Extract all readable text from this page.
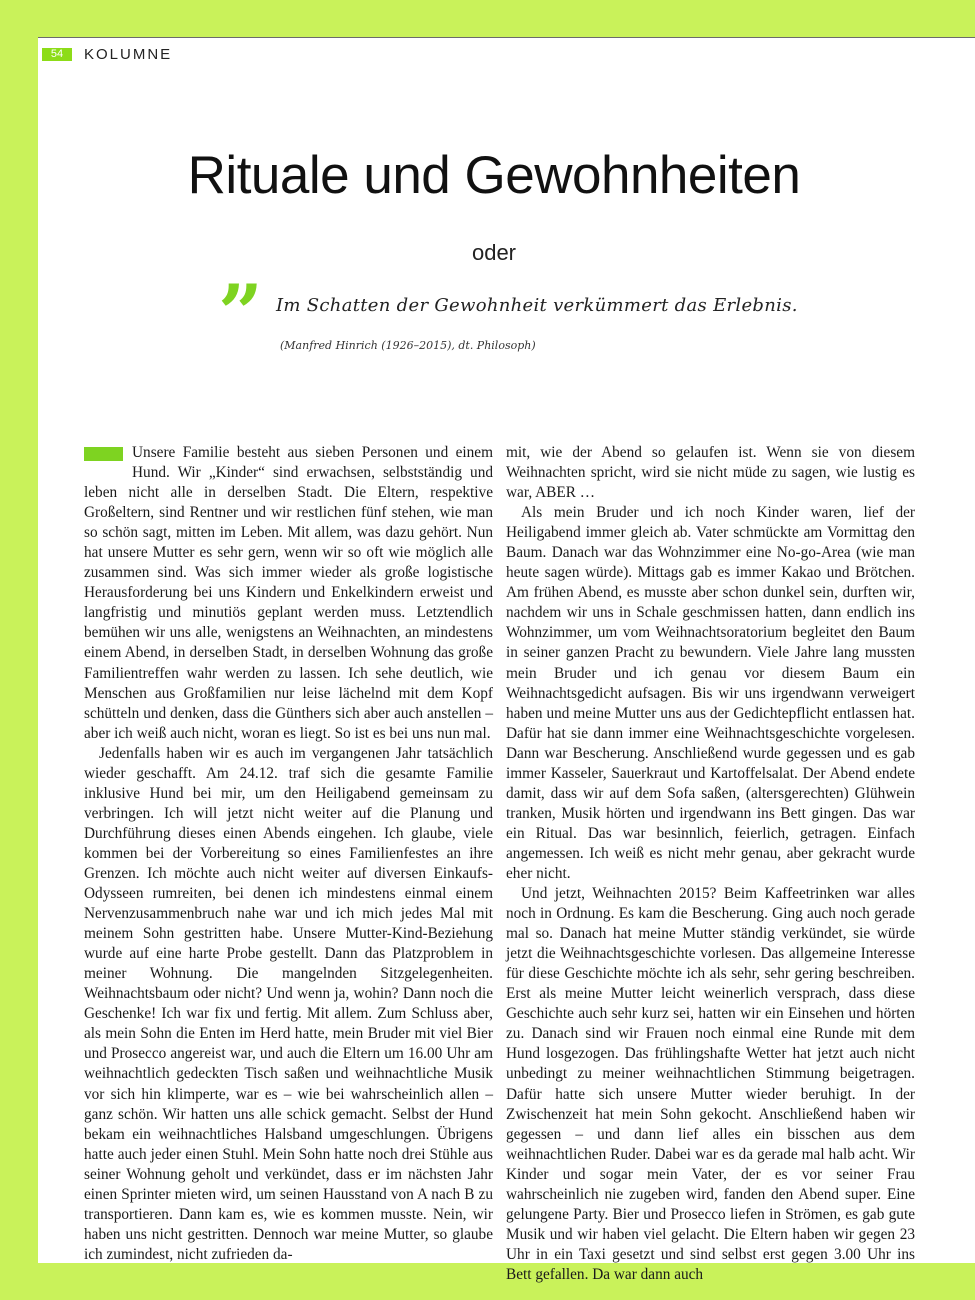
54	KOLUMNE
Rituale und Gewohnheiten
oder
” Im Schatten der Gewohnheit verkümmert das Erlebnis.
(Manfred Hinrich (1926–2015), dt. Philosoph)

Unsere Familie besteht aus sieben Personen und einem Hund. Wir „Kinder“ sind erwachsen, selbstständig und leben nicht alle in derselben Stadt. Die Eltern, respektive Großeltern, sind Rentner und wir restlichen fünf stehen, wie man so schön sagt, mitten im Leben. Mit allem, was dazu gehört. Nun hat unsere Mutter es sehr gern, wenn wir so oft wie möglich alle zusammen sind. Was sich immer wieder als große logistische Herausforderung bei uns Kindern und Enkelkindern erweist und langfristig und minutiös geplant werden muss. Letztendlich bemühen wir uns alle, wenigstens an Weihnachten, an mindestens einem Abend, in derselben Stadt, in derselben Wohnung das große Familientreffen wahr werden zu lassen. Ich sehe deutlich, wie Menschen aus Großfamilien nur leise lächelnd mit dem Kopf schütteln und denken, dass die Günthers sich aber auch anstellen – aber ich weiß auch nicht, woran es liegt. So ist es bei uns nun mal.

Jedenfalls haben wir es auch im vergangenen Jahr tatsächlich wieder geschafft. Am 24.12. traf sich die gesamte Familie inklusive Hund bei mir, um den Heiligabend gemeinsam zu verbringen. Ich will jetzt nicht weiter auf die Planung und Durchführung dieses einen Abends eingehen. Ich glaube, viele kommen bei der Vorbereitung so eines Familienfestes an ihre Grenzen. Ich möchte auch nicht weiter auf diversen Einkaufs-Odysseen rumreiten, bei denen ich mindestens einmal einem Nervenzusammenbruch nahe war und ich mich jedes Mal mit meinem Sohn gestritten habe. Unsere Mutter-Kind-Beziehung wurde auf eine harte Probe gestellt. Dann das Platzproblem in meiner Wohnung. Die mangelnden Sitzgelegenheiten. Weihnachtsbaum oder nicht? Und wenn ja, wohin? Dann noch die Geschenke! Ich war fix und fertig. Mit allem. Zum Schluss aber, als mein Sohn die Enten im Herd hatte, mein Bruder mit viel Bier und Prosecco angereist war, und auch die Eltern um 16.00 Uhr am weihnachtlich gedeckten Tisch saßen und weihnachtliche Musik vor sich hin klimperte, war es – wie bei wahrscheinlich allen – ganz schön. Wir hatten uns alle schick gemacht. Selbst der Hund bekam ein weihnachtliches Halsband umgeschlungen. Übrigens hatte auch jeder einen Stuhl. Mein Sohn hatte noch drei Stühle aus seiner Wohnung geholt und verkündet, dass er im nächsten Jahr einen Sprinter mieten wird, um seinen Hausstand von A nach B zu transportieren. Dann kam es, wie es kommen musste. Nein, wir haben uns nicht gestritten. Dennoch war meine Mutter, so glaube ich zumindest, nicht zufrieden da-

mit, wie der Abend so gelaufen ist. Wenn sie von diesem Weihnachten spricht, wird sie nicht müde zu sagen, wie lustig es war, ABER …

Als mein Bruder und ich noch Kinder waren, lief der Heiligabend immer gleich ab. Vater schmückte am Vormittag den Baum. Danach war das Wohnzimmer eine No-go-Area (wie man heute sagen würde). Mittags gab es immer Kakao und Brötchen. Am frühen Abend, es musste aber schon dunkel sein, durften wir, nachdem wir uns in Schale geschmissen hatten, dann endlich ins Wohnzimmer, um vom Weihnachtsoratorium begleitet den Baum in seiner ganzen Pracht zu bewundern. Viele Jahre lang mussten mein Bruder und ich genau vor diesem Baum ein Weihnachtsgedicht aufsagen. Bis wir uns irgendwann verweigert haben und meine Mutter uns aus der Gedichtepflicht entlassen hat. Dafür hat sie dann immer eine Weihnachtsgeschichte vorgelesen. Dann war Bescherung. Anschließend wurde gegessen und es gab immer Kasseler, Sauerkraut und Kartoffelsalat. Der Abend endete damit, dass wir auf dem Sofa saßen, (altersgerechten) Glühwein tranken, Musik hörten und irgendwann ins Bett gingen. Das war ein Ritual. Das war besinnlich, feierlich, getragen. Einfach angemessen. Ich weiß es nicht mehr genau, aber gekracht wurde eher nicht.

Und jetzt, Weihnachten 2015? Beim Kaffeetrinken war alles noch in Ordnung. Es kam die Bescherung. Ging auch noch gerade mal so. Danach hat meine Mutter ständig verkündet, sie würde jetzt die Weihnachtsgeschichte vorlesen. Das allgemeine Interesse für diese Geschichte möchte ich als sehr, sehr gering beschreiben. Erst als meine Mutter leicht weinerlich versprach, dass diese Geschichte auch sehr kurz sei, hatten wir ein Einsehen und hörten zu. Danach sind wir Frauen noch einmal eine Runde mit dem Hund losgezogen. Das frühlingshafte Wetter hat jetzt auch nicht unbedingt zu meiner weihnachtlichen Stimmung beigetragen. Dafür hatte sich unsere Mutter wieder beruhigt. In der Zwischenzeit hat mein Sohn gekocht. Anschließend haben wir gegessen – und dann lief alles ein bisschen aus dem weihnachtlichen Ruder. Dabei war es da gerade mal halb acht. Wir Kinder und sogar mein Vater, der es vor seiner Frau wahrscheinlich nie zugeben wird, fanden den Abend super. Eine gelungene Party. Bier und Prosecco liefen in Strömen, es gab gute Musik und wir haben viel gelacht. Die Eltern haben wir gegen 23 Uhr in ein Taxi gesetzt und sind selbst erst gegen 3.00 Uhr ins Bett gefallen. Da war dann auch
